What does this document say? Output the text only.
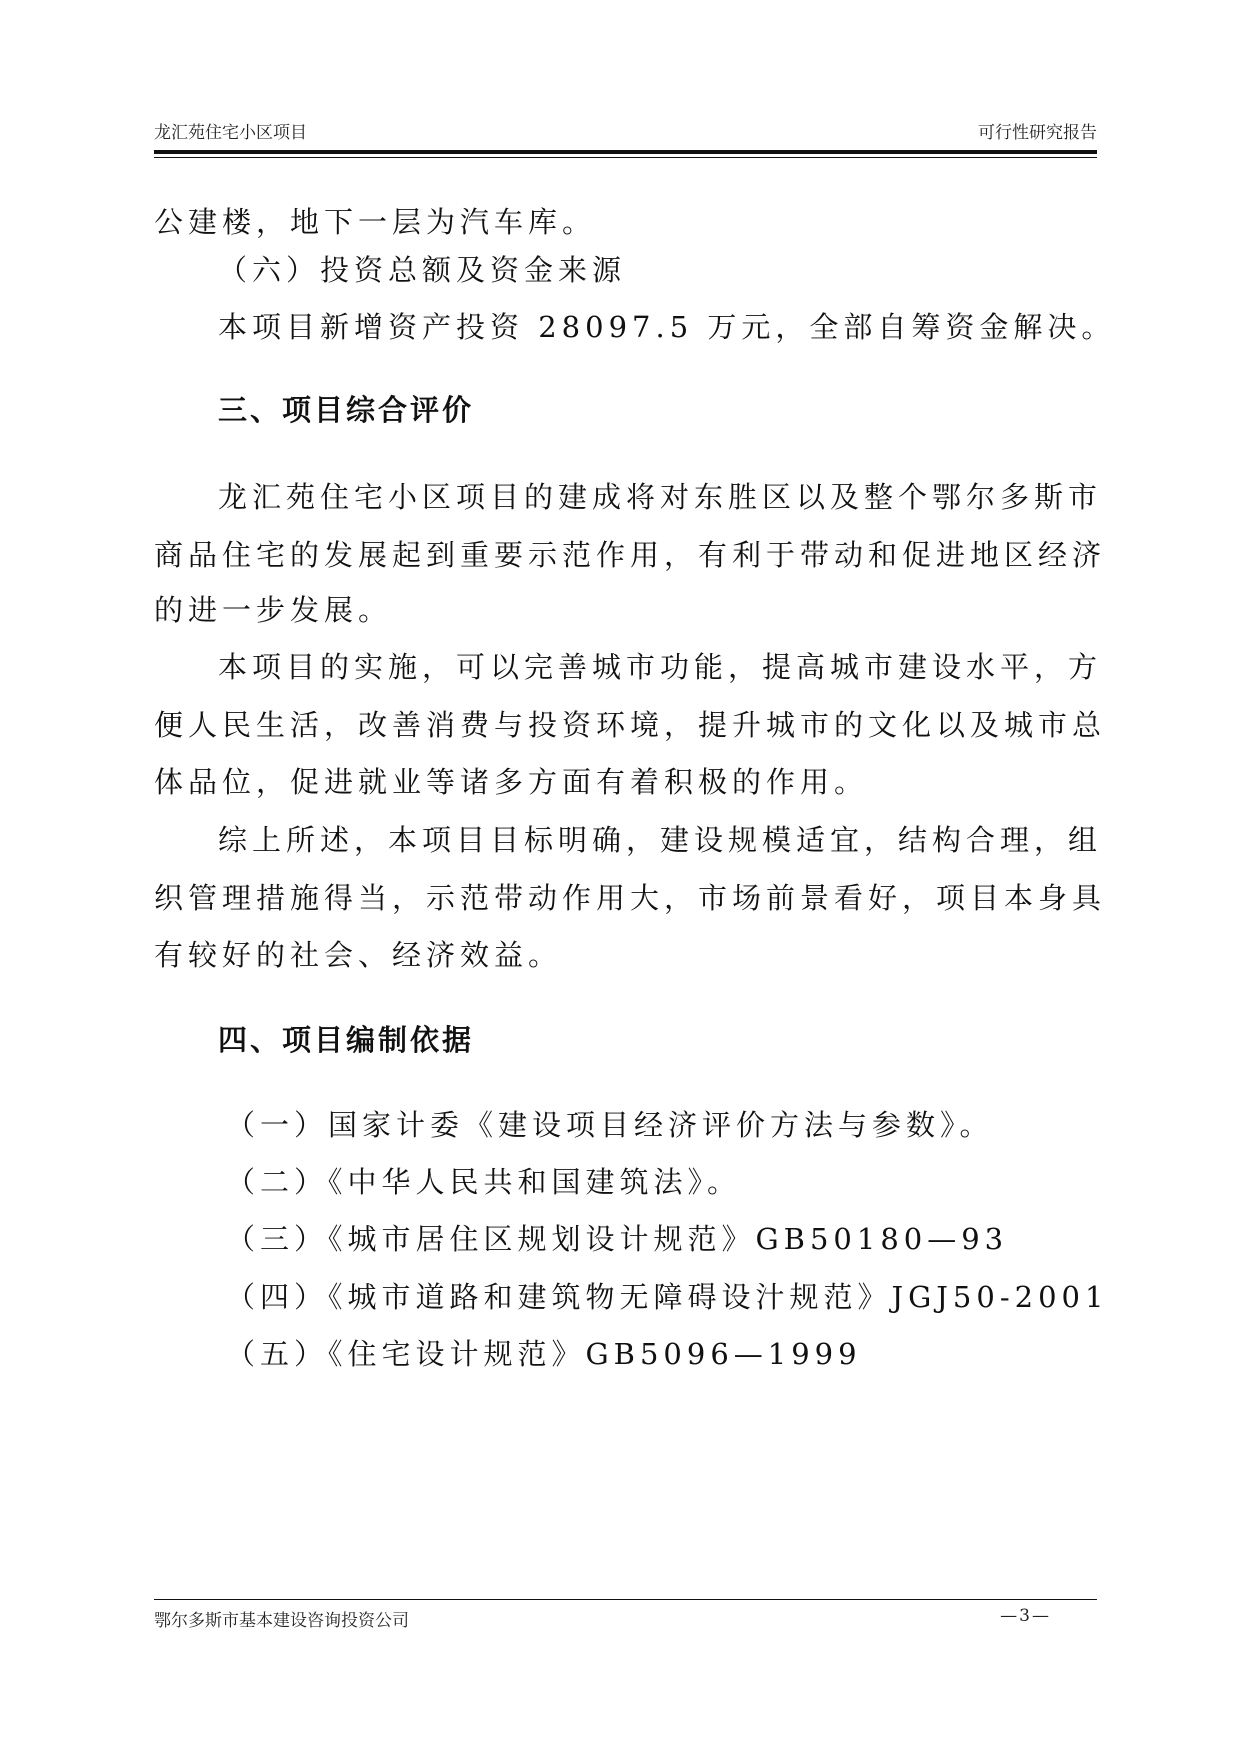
龙汇苑住宅小区项目	可行性研究报告
公建楼，地下一层为汽车库。
（六）投资总额及资金来源
本项目新增资产投资 28097.5 万元，全部自筹资金解决。
三、项目综合评价
龙汇苑住宅小区项目的建成将对东胜区以及整个鄂尔多斯市
商品住宅的发展起到重要示范作用，有利于带动和促进地区经济
的进一步发展。
本项目的实施，可以完善城市功能，提高城市建设水平，方
便人民生活，改善消费与投资环境，提升城市的文化以及城市总
体品位，促进就业等诸多方面有着积极的作用。
综上所述，本项目目标明确，建设规模适宜，结构合理，组
织管理措施得当，示范带动作用大，市场前景看好，项目本身具
有较好的社会、经济效益。
四、项目编制依据
（一）国家计委《建设项目经济评价方法与参数》。
（二）《中华人民共和国建筑法》。
（三）《城市居住区规划设计规范》GB50180—93
（四）《城市道路和建筑物无障碍设汁规范》JGJ50-2001
（五）《住宅设计规范》GB5096—1999
鄂尔多斯市基本建设咨询投资公司	—3—
